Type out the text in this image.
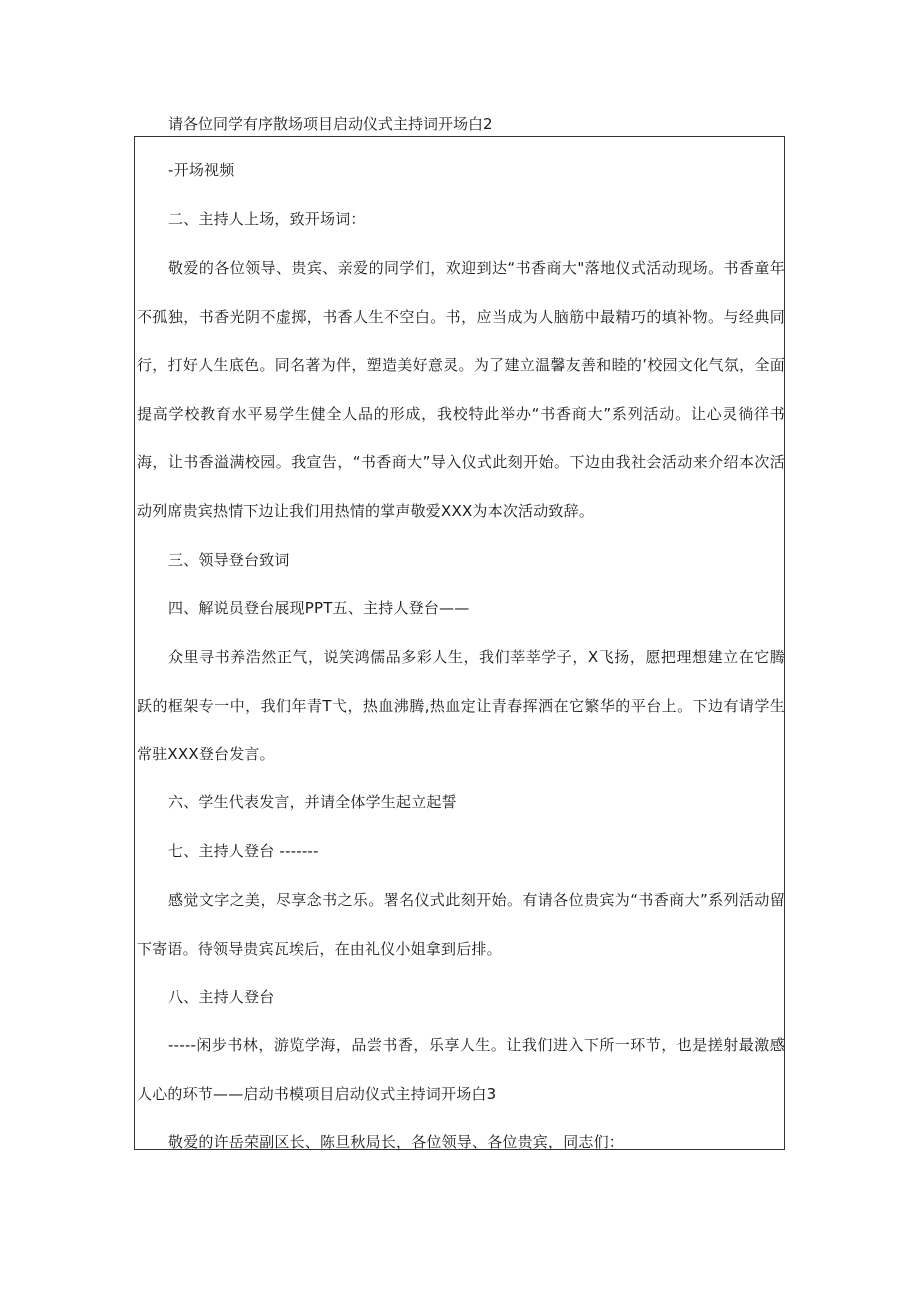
请各位同学有序散场项目启动仪式主持词开场白2

-开场视频

二、主持人上场，致开场词：

敬爱的各位领导、贵宾、亲爱的同学们，欢迎到达“书香商大"落地仪式活动现场。书香童年不孤独，书香光阴不虚掷，书香人生不空白。书，应当成为人脑筋中最精巧的填补物。与经典同行，打好人生底色。同名著为伴，塑造美好意灵。为了建立温馨友善和睦的’校园文化气氛，全面提高学校教育水平易学生健全人品的形成，我校特此举办“书香商大”系列活动。让心灵徜徉书海，让书香溢满校园。我宣告，“书香商大”导入仪式此刻开始。下边由我社会活动来介绍本次活动列席贵宾热情下边让我们用热情的掌声敬爱XXX为本次活动致辞。

三、领导登台致词

四、解说员登台展现PPT五、主持人登台——

众里寻书养浩然正气，说笑鸿儒品多彩人生，我们莘莘学子，X飞扬，愿把理想建立在它腾跃的框架专一中，我们年青T弋，热血沸腾,热血定让青春挥洒在它繁华的平台上。下边有请学生常驻XXX登台发言。

六、学生代表发言，并请全体学生起立起誓

七、主持人登台 -------

感觉文字之美，尽享念书之乐。署名仪式此刻开始。有请各位贵宾为“书香商大”系列活动留下寄语。待领导贵宾瓦埃后，在由礼仪小姐拿到后排。

八、主持人登台

-----闲步书林，游览学海，品尝书香，乐享人生。让我们进入下所一环节，也是搓射最激感人心的环节——启动书模项目启动仪式主持词开场白3

敬爱的许岳荣副区长、陈旦秋局长，各位领导、各位贵宾，同志们：
